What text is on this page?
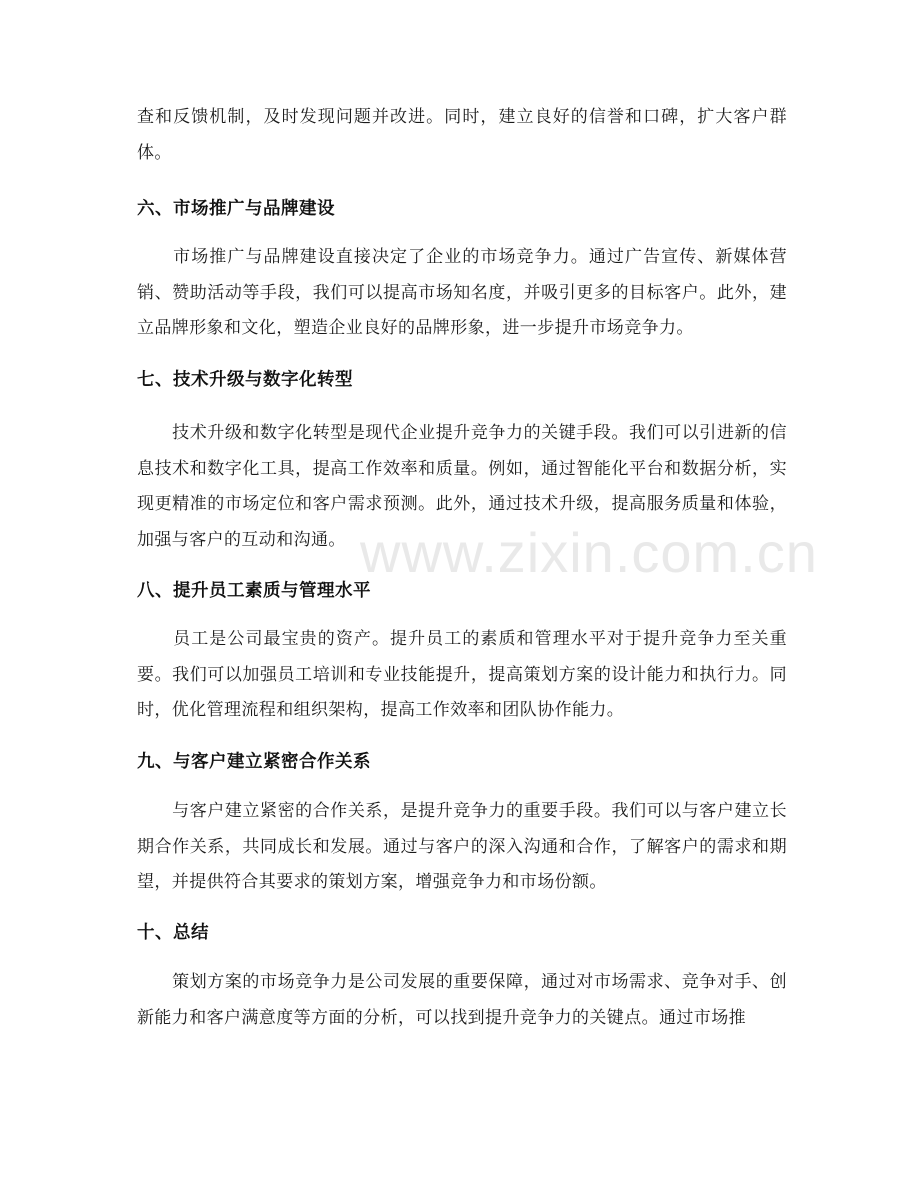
www.zixin.com.cn

查和反馈机制，及时发现问题并改进。同时，建立良好的信誉和口碑，扩大客户群体。

六、市场推广与品牌建设

　　市场推广与品牌建设直接决定了企业的市场竞争力。通过广告宣传、新媒体营销、赞助活动等手段，我们可以提高市场知名度，并吸引更多的目标客户。此外，建立品牌形象和文化，塑造企业良好的品牌形象，进一步提升市场竞争力。

七、技术升级与数字化转型

　　技术升级和数字化转型是现代企业提升竞争力的关键手段。我们可以引进新的信息技术和数字化工具，提高工作效率和质量。例如，通过智能化平台和数据分析，实现更精准的市场定位和客户需求预测。此外，通过技术升级，提高服务质量和体验，加强与客户的互动和沟通。

八、提升员工素质与管理水平

　　员工是公司最宝贵的资产。提升员工的素质和管理水平对于提升竞争力至关重要。我们可以加强员工培训和专业技能提升，提高策划方案的设计能力和执行力。同时，优化管理流程和组织架构，提高工作效率和团队协作能力。

九、与客户建立紧密合作关系

　　与客户建立紧密的合作关系，是提升竞争力的重要手段。我们可以与客户建立长期合作关系，共同成长和发展。通过与客户的深入沟通和合作，了解客户的需求和期望，并提供符合其要求的策划方案，增强竞争力和市场份额。

十、总结

　　策划方案的市场竞争力是公司发展的重要保障，通过对市场需求、竞争对手、创新能力和客户满意度等方面的分析，可以找到提升竞争力的关键点。通过市场推
